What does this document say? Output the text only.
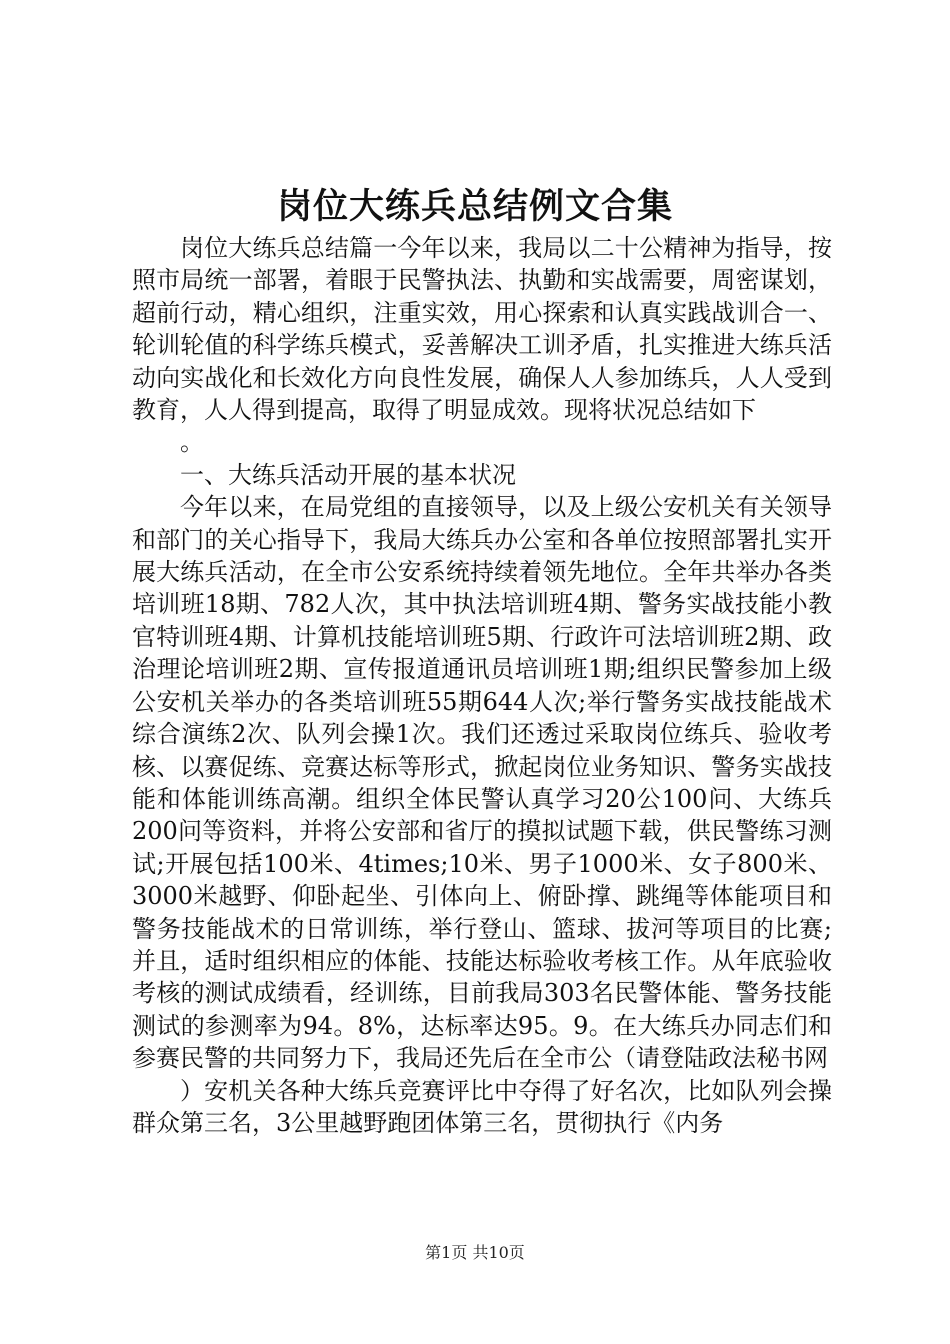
岗位大练兵总结例文合集

岗位大练兵总结篇一今年以来，我局以二十公精神为指导，按照市局统一部署，着眼于民警执法、执勤和实战需要，周密谋划，超前行动，精心组织，注重实效，用心探索和认真实践战训合一、轮训轮值的科学练兵模式，妥善解决工训矛盾，扎实推进大练兵活动向实战化和长效化方向良性发展，确保人人参加练兵，人人受到教育，人人得到提高，取得了明显成效。现将状况总结如下

。

一、大练兵活动开展的基本状况

今年以来，在局党组的直接领导，以及上级公安机关有关领导和部门的关心指导下，我局大练兵办公室和各单位按照部署扎实开展大练兵活动，在全市公安系统持续着领先地位。全年共举办各类培训班18期、782人次，其中执法培训班4期、警务实战技能小教官特训班4期、计算机技能培训班5期、行政许可法培训班2期、政治理论培训班2期、宣传报道通讯员培训班1期;组织民警参加上级公安机关举办的各类培训班55期644人次;举行警务实战技能战术综合演练2次、队列会操1次。我们还透过采取岗位练兵、验收考核、以赛促练、竞赛达标等形式，掀起岗位业务知识、警务实战技能和体能训练高潮。组织全体民警认真学习20公100问、大练兵200问等资料，并将公安部和省厅的摸拟试题下载，供民警练习测试;开展包括100米、4times;10米、男子1000米、女子800米、3000米越野、仰卧起坐、引体向上、俯卧撑、跳绳等体能项目和警务技能战术的日常训练，举行登山、篮球、拔河等项目的比赛;并且，适时组织相应的体能、技能达标验收考核工作。从年底验收考核的测试成绩看，经训练，目前我局303名民警体能、警务技能测试的参测率为94。8%，达标率达95。9。在大练兵办同志们和参赛民警的共同努力下，我局还先后在全市公（请登陆政法秘书网

）安机关各种大练兵竞赛评比中夺得了好名次，比如队列会操群众第三名，3公里越野跑团体第三名，贯彻执行《内务

第1页 共10页
